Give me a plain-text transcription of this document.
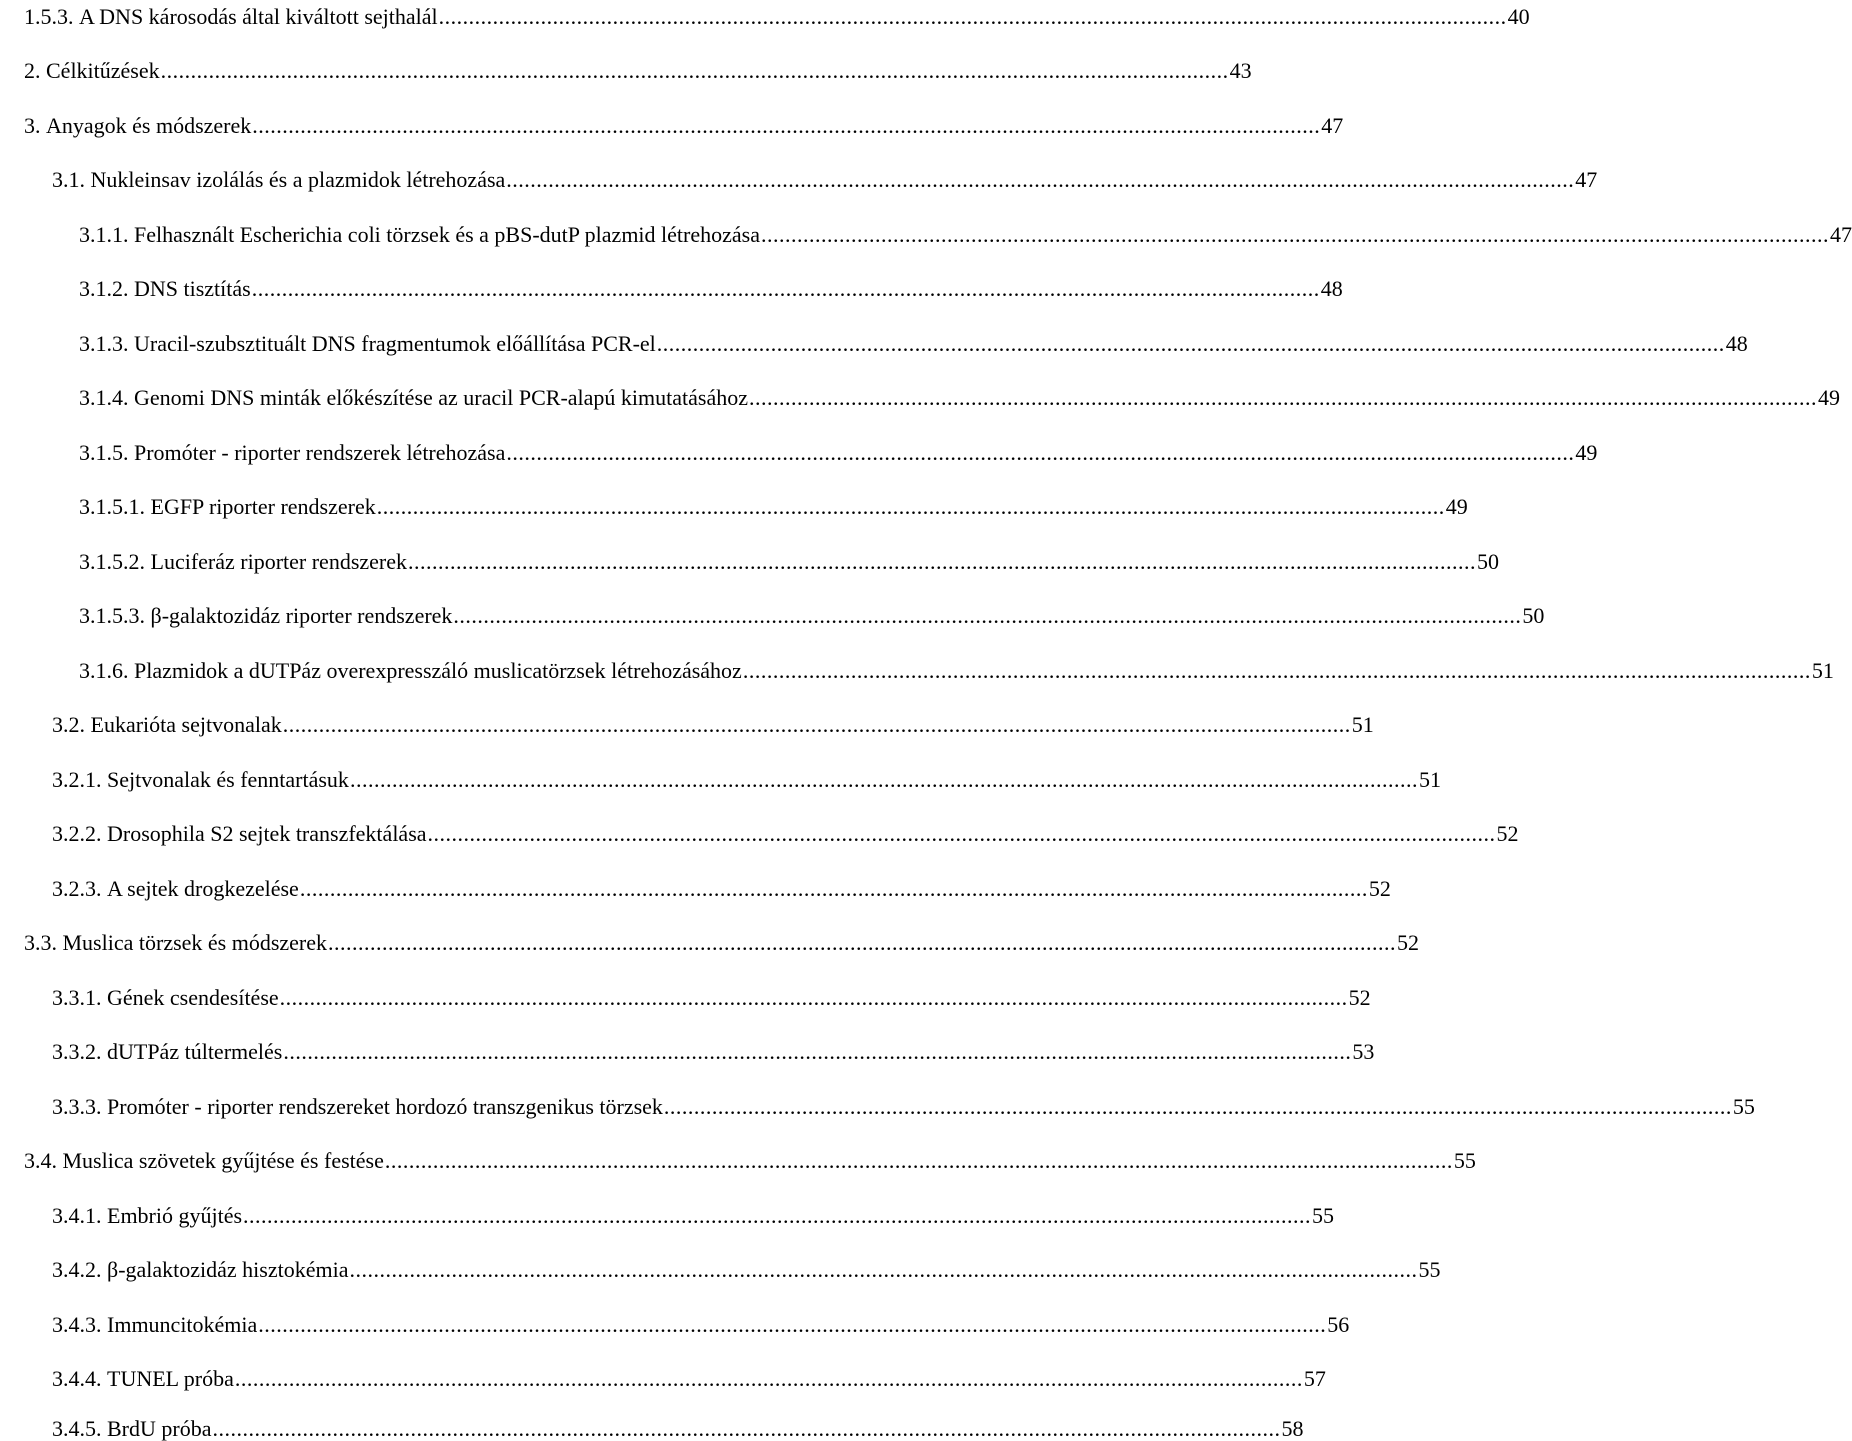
1.5.3. A DNS károsodás által kiváltott sejthalál .................................................................................................................................................................................. 40
2. Célkitűzések .................................................................................................................................................................................. 43
3. Anyagok és módszerek .................................................................................................................................................................................. 47
3.1. Nukleinsav izolálás és a plazmidok létrehozása .................................................................................................................................................................................. 47
3.1.1. Felhasznált Escherichia coli törzsek és a pBS-dutP plazmid létrehozása .................................................................................................................................................................................. 47
3.1.2. DNS tisztítás .................................................................................................................................................................................. 48
3.1.3. Uracil-szubsztituált DNS fragmentumok előállítása PCR-el .................................................................................................................................................................................. 48
3.1.4. Genomi DNS minták előkészítése az uracil PCR-alapú kimutatásához .................................................................................................................................................................................. 49
3.1.5. Promóter - riporter rendszerek létrehozása .................................................................................................................................................................................. 49
3.1.5.1. EGFP riporter rendszerek .................................................................................................................................................................................. 49
3.1.5.2. Luciferáz riporter rendszerek .................................................................................................................................................................................. 50
3.1.5.3. β-galaktozidáz riporter rendszerek .................................................................................................................................................................................. 50
3.1.6. Plazmidok a dUTPáz overexpresszáló muslicatörzsek létrehozásához .................................................................................................................................................................................. 51
3.2. Eukarióta sejtvonalak .................................................................................................................................................................................. 51
3.2.1. Sejtvonalak és fenntartásuk .................................................................................................................................................................................. 51
3.2.2. Drosophila S2 sejtek transzfektálása .................................................................................................................................................................................. 52
3.2.3. A sejtek drogkezelése .................................................................................................................................................................................. 52
3.3. Muslica törzsek és módszerek .................................................................................................................................................................................. 52
3.3.1. Gének csendesítése .................................................................................................................................................................................. 52
3.3.2. dUTPáz túltermelés .................................................................................................................................................................................. 53
3.3.3. Promóter - riporter rendszereket hordozó transzgenikus törzsek .................................................................................................................................................................................. 55
3.4. Muslica szövetek gyűjtése és festése .................................................................................................................................................................................. 55
3.4.1. Embrió gyűjtés .................................................................................................................................................................................. 55
3.4.2. β-galaktozidáz hisztokémia .................................................................................................................................................................................. 55
3.4.3. Immuncitokémia .................................................................................................................................................................................. 56
3.4.4. TUNEL próba .................................................................................................................................................................................. 57
3.4.5. BrdU próba .................................................................................................................................................................................. 58
